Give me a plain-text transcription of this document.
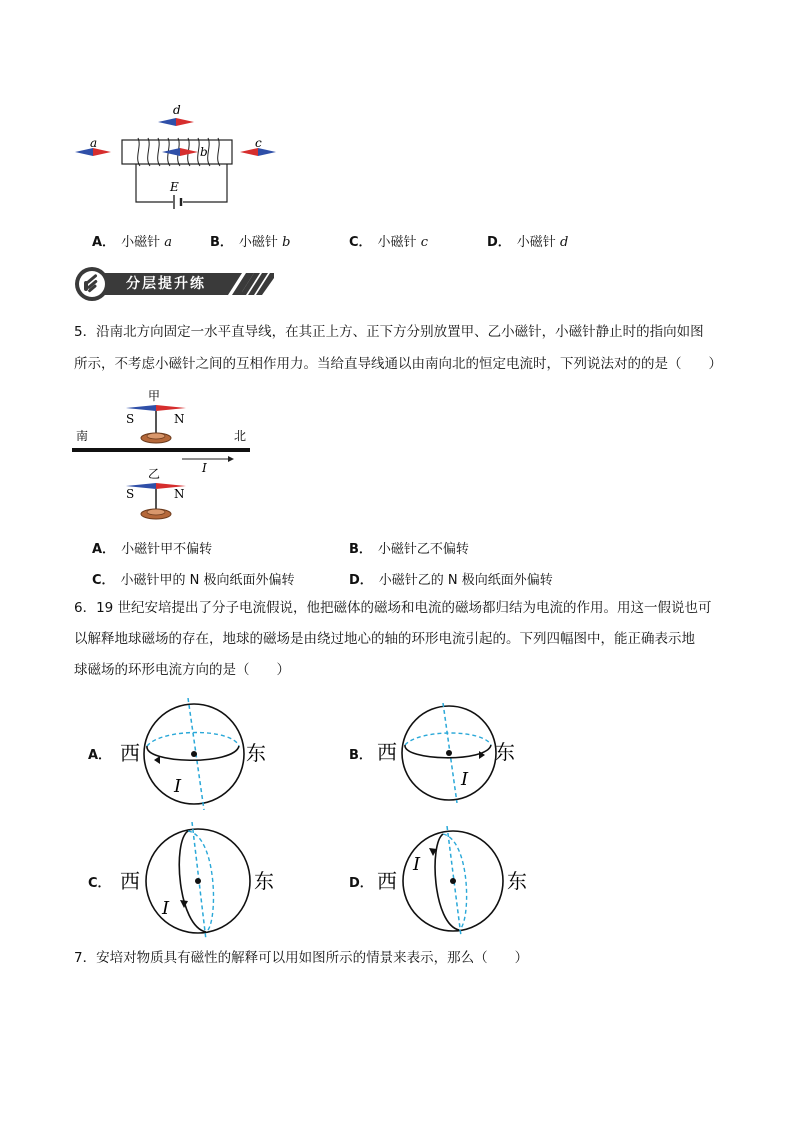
d
a	c
b
E
A． 小磁针 a	B． 小磁针 b	C． 小磁针 c	D． 小磁针 d
分层提升练
5．沿南北方向固定一水平直导线，在其正上方、正下方分别放置甲、乙小磁针，小磁针静止时的指向如图
所示，不考虑小磁针之间的互相作用力。当给直导线通以由南向北的恒定电流时，下列说法对的的是（　　）
甲
S	N
南	北
I
乙
S	N
A． 小磁针甲不偏转	B． 小磁针乙不偏转
C． 小磁针甲的 N 极向纸面外偏转	D． 小磁针乙的 N 极向纸面外偏转
6．19 世纪安培提出了分子电流假说，他把磁体的磁场和电流的磁场都归结为电流的作用。用这一假说也可
以解释地球磁场的存在，地球的磁场是由绕过地心的轴的环形电流引起的。下列四幅图中，能正确表示地
球磁场的环形电流方向的是（　　）
A． 西	东
I
B． 西	东
I
C． 西	东
I
D． 西	东
I
7．安培对物质具有磁性的解释可以用如图所示的情景来表示，那么（　　）
